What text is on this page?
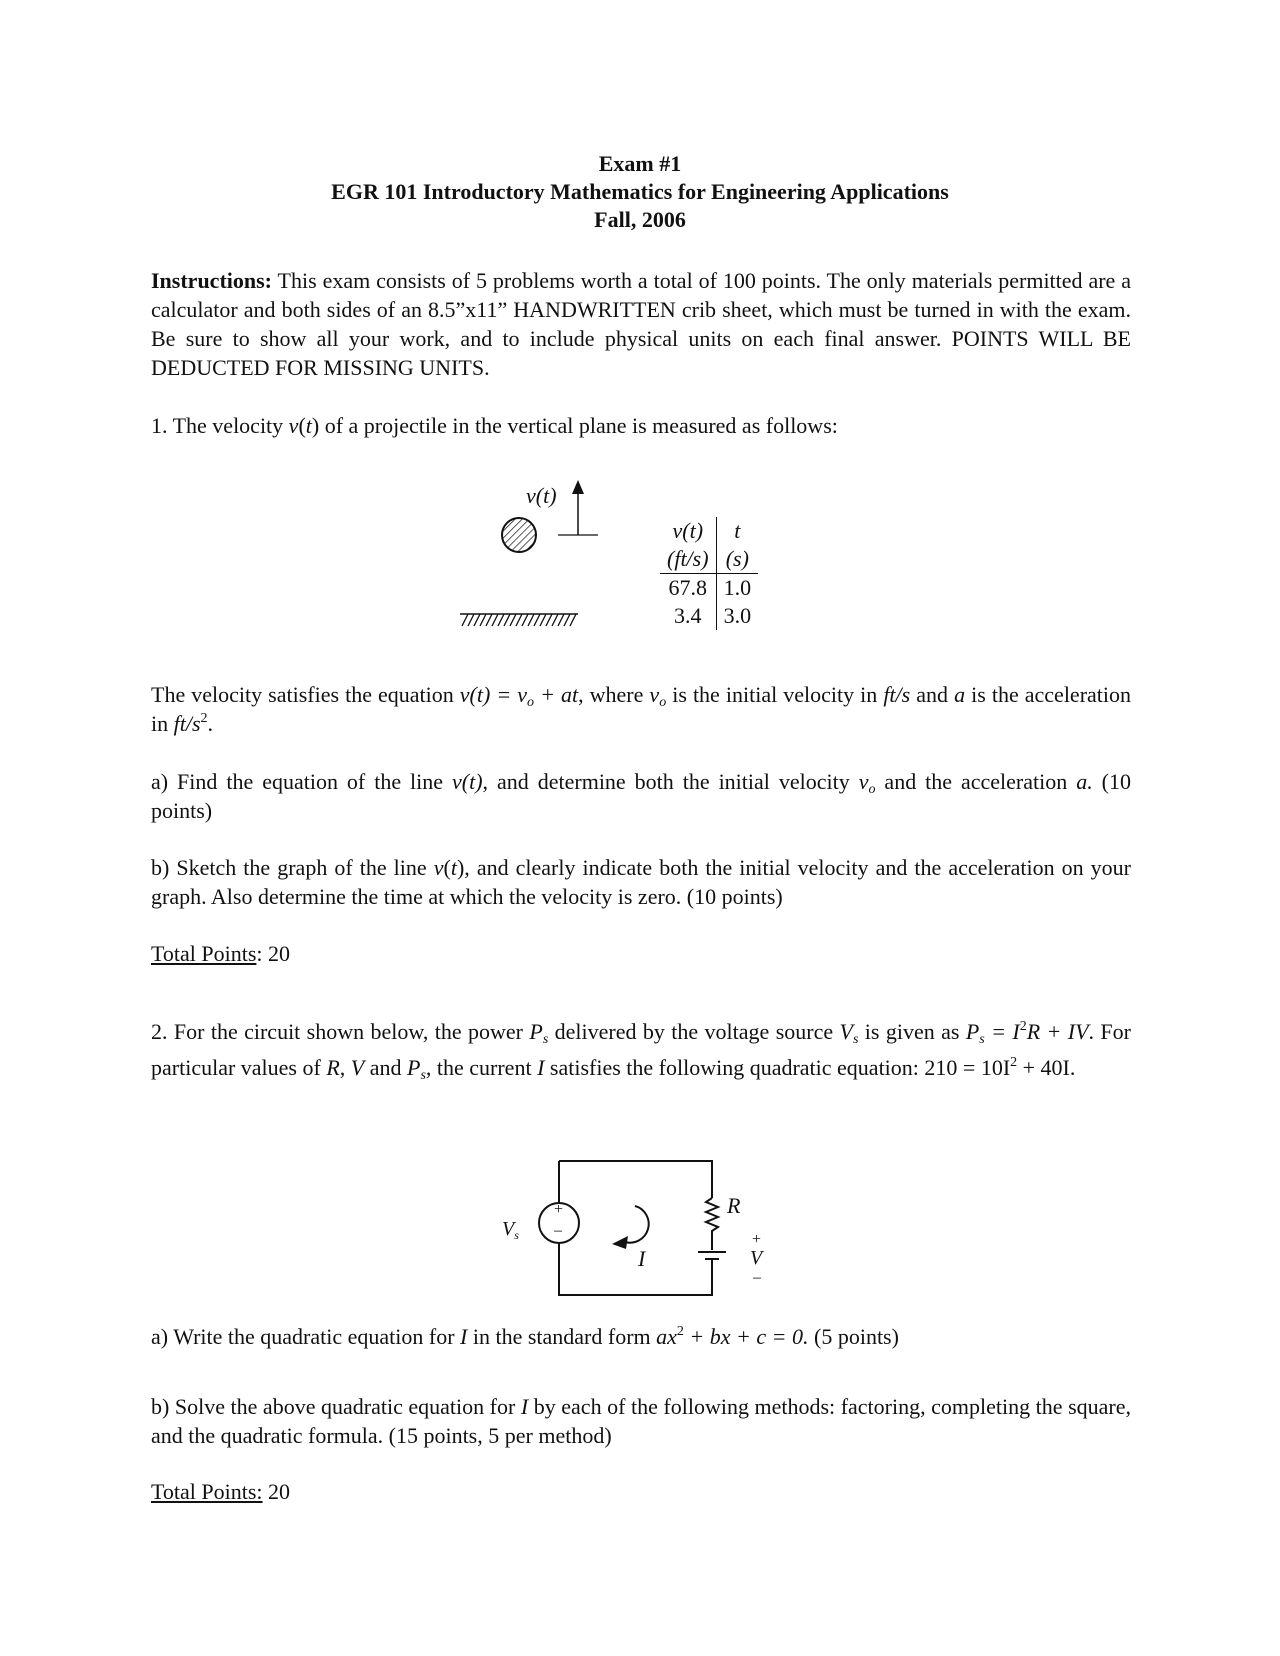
Exam #1
EGR 101 Introductory Mathematics for Engineering Applications
Fall, 2006
Instructions: This exam consists of 5 problems worth a total of 100 points. The only materials permitted are a calculator and both sides of an 8.5”x11” HANDWRITTEN crib sheet, which must be turned in with the exam. Be sure to show all your work, and to include physical units on each final answer. POINTS WILL BE DEDUCTED FOR MISSING UNITS.
1. The velocity v(t) of a projectile in the vertical plane is measured as follows:
v(t)
v(t)	t
(ft/s)	(s)
67.8	1.0
3.4	3.0
The velocity satisfies the equation $v(t) = v_o$ + at, where $v_o$ is the initial velocity in ft/s and a is the acceleration in $ft/s^2$.
a) Find the equation of the line v(t), and determine both the initial velocity $v_o$ and the acceleration a. (10 points)
b) Sketch the graph of the line v(t), and clearly indicate both the initial velocity and the acceleration on your graph. Also determine the time at which the velocity is zero. (10 points)
Total Points: 20
2. For the circuit shown below, the power $P_s$ delivered by the voltage source $V_s$ is given as $P_s = I^2R$ + IV. For particular values of R, V and $P_s$, the current I satisfies the following quadratic equation: $210 = 10I^2 + 40I$.
+
–
$V_s$
I
R
+
V
–
a) Write the quadratic equation for I in the standard form $ax^2$ + bx + c = 0. (5 points)
b) Solve the above quadratic equation for I by each of the following methods: factoring, completing the square, and the quadratic formula. (15 points, 5 per method)
Total Points: 20
